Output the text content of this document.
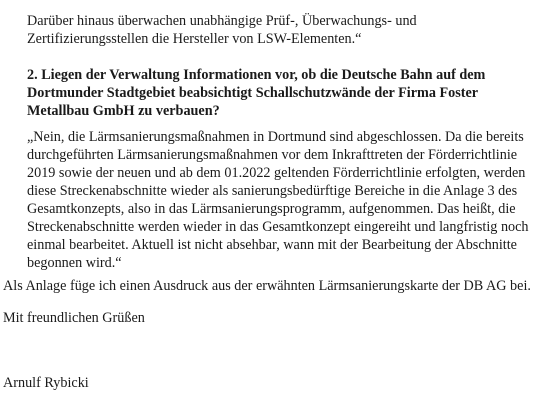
Darüber hinaus überwachen unabhängige Prüf-, Überwachungs- und

Zertifizierungsstellen die Hersteller von LSW-Elementen.“

2. Liegen der Verwaltung Informationen vor, ob die Deutsche Bahn auf dem

Dortmunder Stadtgebiet beabsichtigt Schallschutzwände der Firma Foster

Metallbau GmbH zu verbauen?

„Nein, die Lärmsanierungsmaßnahmen in Dortmund sind abgeschlossen. Da die bereits

durchgeführten Lärmsanierungsmaßnahmen vor dem Inkrafttreten der Förderrichtlinie

2019 sowie der neuen und ab dem 01.2022 geltenden Förderrichtlinie erfolgten, werden

diese Streckenabschnitte wieder als sanierungsbedürftige Bereiche in die Anlage 3 des

Gesamtkonzepts, also in das Lärmsanierungsprogramm, aufgenommen. Das heißt, die

Streckenabschnitte werden wieder in das Gesamtkonzept eingereiht und langfristig noch

einmal bearbeitet. Aktuell ist nicht absehbar, wann mit der Bearbeitung der Abschnitte

begonnen wird.“

Als Anlage füge ich einen Ausdruck aus der erwähnten Lärmsanierungskarte der DB AG bei.

Mit freundlichen Grüßen

Arnulf Rybicki
